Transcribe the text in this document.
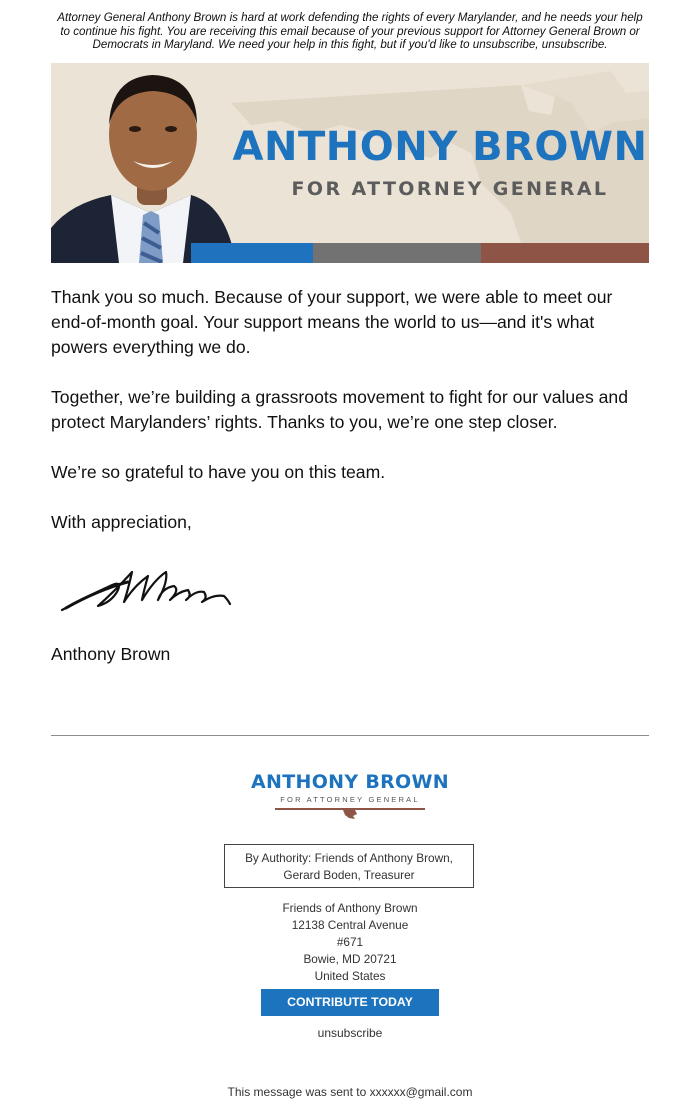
Attorney General Anthony Brown is hard at work defending the rights of every Marylander, and he needs your help to continue his fight. You are receiving this email because of your previous support for Attorney General Brown or Democrats in Maryland. We need your help in this fight, but if you'd like to unsubscribe, unsubscribe.
ANTHONY BROWN
FOR ATTORNEY GENERAL

Thank you so much. Because of your support, we were able to meet our end-of-month goal. Your support means the world to us—and it's what powers everything we do.

Together, we’re building a grassroots movement to fight for our values and protect Marylanders’ rights. Thanks to you, we’re one step closer.

We’re so grateful to have you on this team.

With appreciation,

Anthony Brown

ANTHONY BROWN
FOR ATTORNEY GENERAL
By Authority: Friends of Anthony Brown,
Gerard Boden, Treasurer
Friends of Anthony Brown
12138 Central Avenue
#671
Bowie, MD 20721
United States
CONTRIBUTE TODAY
unsubscribe
This message was sent to xxxxxx@gmail.com
